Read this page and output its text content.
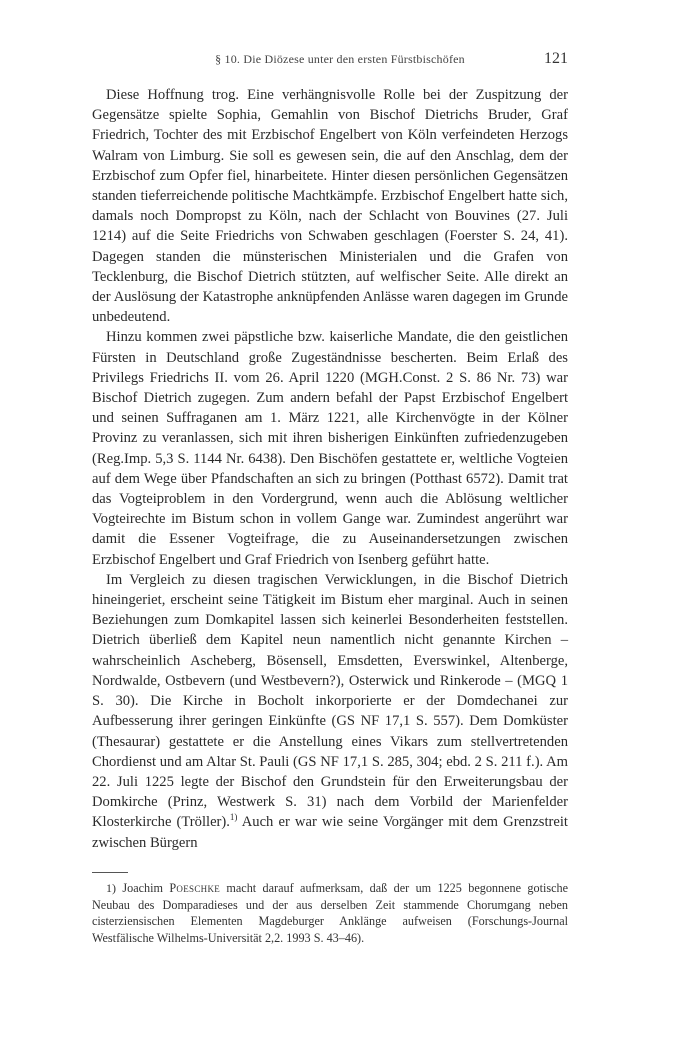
§ 10. Die Diözese unter den ersten Fürstbischöfen	121

Diese Hoffnung trog. Eine verhängnisvolle Rolle bei der Zuspitzung der Gegensätze spielte Sophia, Gemahlin von Bischof Dietrichs Bruder, Graf Friedrich, Tochter des mit Erzbischof Engelbert von Köln verfeindeten Herzogs Walram von Limburg. Sie soll es gewesen sein, die auf den Anschlag, dem der Erzbischof zum Opfer fiel, hinarbeitete. Hinter diesen persönlichen Gegensätzen standen tieferreichende politische Machtkämpfe. Erzbischof Engelbert hatte sich, damals noch Dompropst zu Köln, nach der Schlacht von Bouvines (27. Juli 1214) auf die Seite Friedrichs von Schwaben geschlagen (Foerster S. 24, 41). Dagegen standen die münsterischen Ministerialen und die Grafen von Tecklenburg, die Bischof Dietrich stützten, auf welfischer Seite. Alle direkt an der Auslösung der Katastrophe anknüpfenden Anlässe waren dagegen im Grunde unbedeutend.

Hinzu kommen zwei päpstliche bzw. kaiserliche Mandate, die den geistlichen Fürsten in Deutschland große Zugeständnisse bescherten. Beim Erlaß des Privilegs Friedrichs II. vom 26. April 1220 (MGH.Const. 2 S. 86 Nr. 73) war Bischof Dietrich zugegen. Zum andern befahl der Papst Erzbischof Engelbert und seinen Suffraganen am 1. März 1221, alle Kirchenvögte in der Kölner Provinz zu veranlassen, sich mit ihren bisherigen Einkünften zufriedenzugeben (Reg.Imp. 5,3 S. 1144 Nr. 6438). Den Bischöfen gestattete er, weltliche Vogteien auf dem Wege über Pfandschaften an sich zu bringen (Potthast 6572). Damit trat das Vogteiproblem in den Vordergrund, wenn auch die Ablösung weltlicher Vogteirechte im Bistum schon in vollem Gange war. Zumindest angerührt war damit die Essener Vogteifrage, die zu Auseinandersetzungen zwischen Erzbischof Engelbert und Graf Friedrich von Isenberg geführt hatte.

Im Vergleich zu diesen tragischen Verwicklungen, in die Bischof Dietrich hineingeriet, erscheint seine Tätigkeit im Bistum eher marginal. Auch in seinen Beziehungen zum Domkapitel lassen sich keinerlei Besonderheiten feststellen. Dietrich überließ dem Kapitel neun namentlich nicht genannte Kirchen – wahrscheinlich Ascheberg, Bösensell, Emsdetten, Everswinkel, Altenberge, Nordwalde, Ostbevern (und Westbevern?), Osterwick und Rinkerode – (MGQ 1 S. 30). Die Kirche in Bocholt inkorporierte er der Domdechanei zur Aufbesserung ihrer geringen Einkünfte (GS NF 17,1 S. 557). Dem Domküster (Thesaurar) gestattete er die Anstellung eines Vikars zum stellvertretenden Chordienst und am Altar St. Pauli (GS NF 17,1 S. 285, 304; ebd. 2 S. 211 f.). Am 22. Juli 1225 legte der Bischof den Grundstein für den Erweiterungsbau der Domkirche (Prinz, Westwerk S. 31) nach dem Vorbild der Marienfelder Klosterkirche (Tröller).$^{1)}$ Auch er war wie seine Vorgänger mit dem Grenzstreit zwischen Bürgern

1) Joachim Poeschke macht darauf aufmerksam, daß der um 1225 begonnene gotische Neubau des Domparadieses und der aus derselben Zeit stammende Chorumgang neben cisterziensischen Elementen Magdeburger Anklänge aufweisen (Forschungs-Journal Westfälische Wilhelms-Universität 2,2. 1993 S. 43–46).
